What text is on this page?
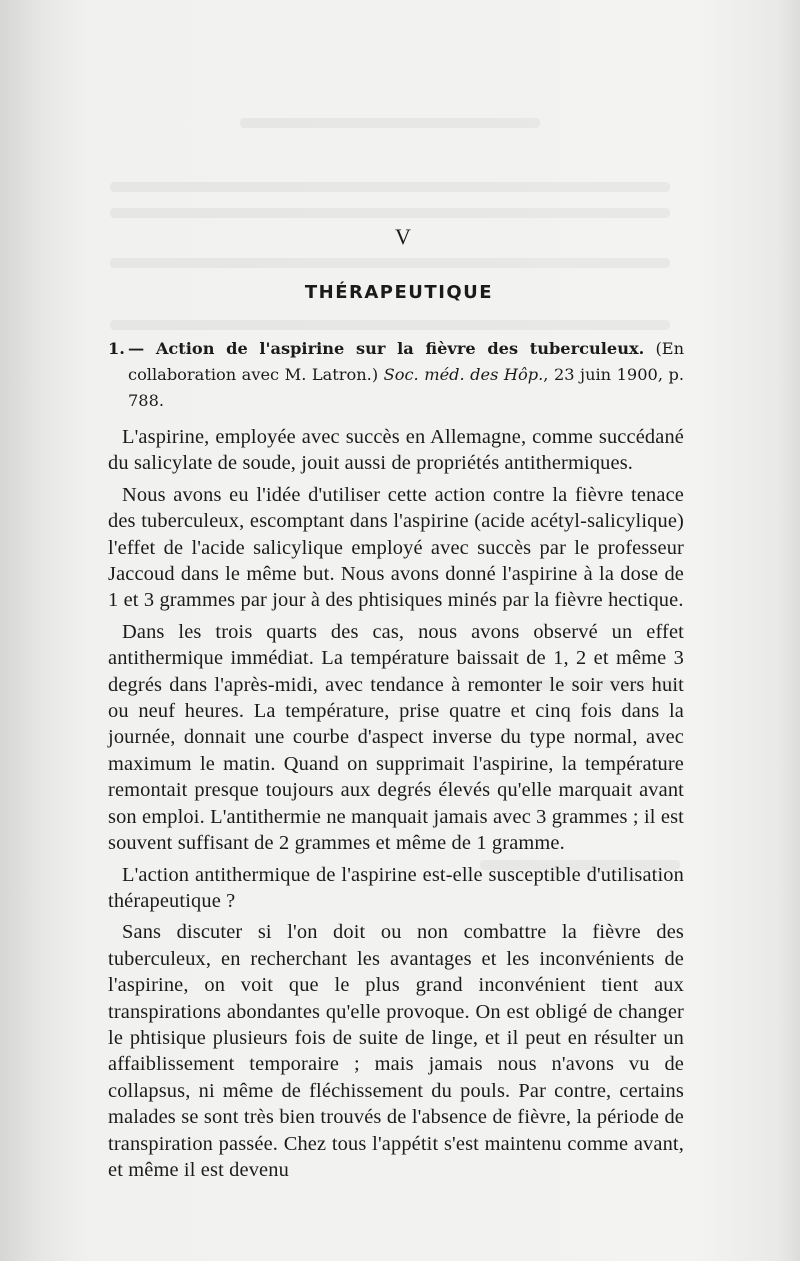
V
THÉRAPEUTIQUE
1. — Action de l'aspirine sur la fièvre des tuberculeux. (En collaboration avec M. Latron.) Soc. méd. des Hôp., 23 juin 1900, p. 788.

L'aspirine, employée avec succès en Allemagne, comme succédané du salicylate de soude, jouit aussi de propriétés antithermiques.

Nous avons eu l'idée d'utiliser cette action contre la fièvre tenace des tuberculeux, escomptant dans l'aspirine (acide acétyl-salicylique) l'effet de l'acide salicylique employé avec succès par le professeur Jaccoud dans le même but. Nous avons donné l'aspirine à la dose de 1 et 3 grammes par jour à des phtisiques minés par la fièvre hectique.

Dans les trois quarts des cas, nous avons observé un effet antithermique immédiat. La température baissait de 1, 2 et même 3 degrés dans l'après-midi, avec tendance à remonter le soir vers huit ou neuf heures. La température, prise quatre et cinq fois dans la journée, donnait une courbe d'aspect inverse du type normal, avec maximum le matin. Quand on supprimait l'aspirine, la température remontait presque toujours aux degrés élevés qu'elle marquait avant son emploi. L'antithermie ne manquait jamais avec 3 grammes ; il est souvent suffisant de 2 grammes et même de 1 gramme.

L'action antithermique de l'aspirine est-elle susceptible d'utilisation thérapeutique ?

Sans discuter si l'on doit ou non combattre la fièvre des tuberculeux, en recherchant les avantages et les inconvénients de l'aspirine, on voit que le plus grand inconvénient tient aux transpirations abondantes qu'elle provoque. On est obligé de changer le phtisique plusieurs fois de suite de linge, et il peut en résulter un affaiblissement temporaire ; mais jamais nous n'avons vu de collapsus, ni même de fléchissement du pouls. Par contre, certains malades se sont très bien trouvés de l'absence de fièvre, la période de transpiration passée. Chez tous l'appétit s'est maintenu comme avant, et même il est devenu
